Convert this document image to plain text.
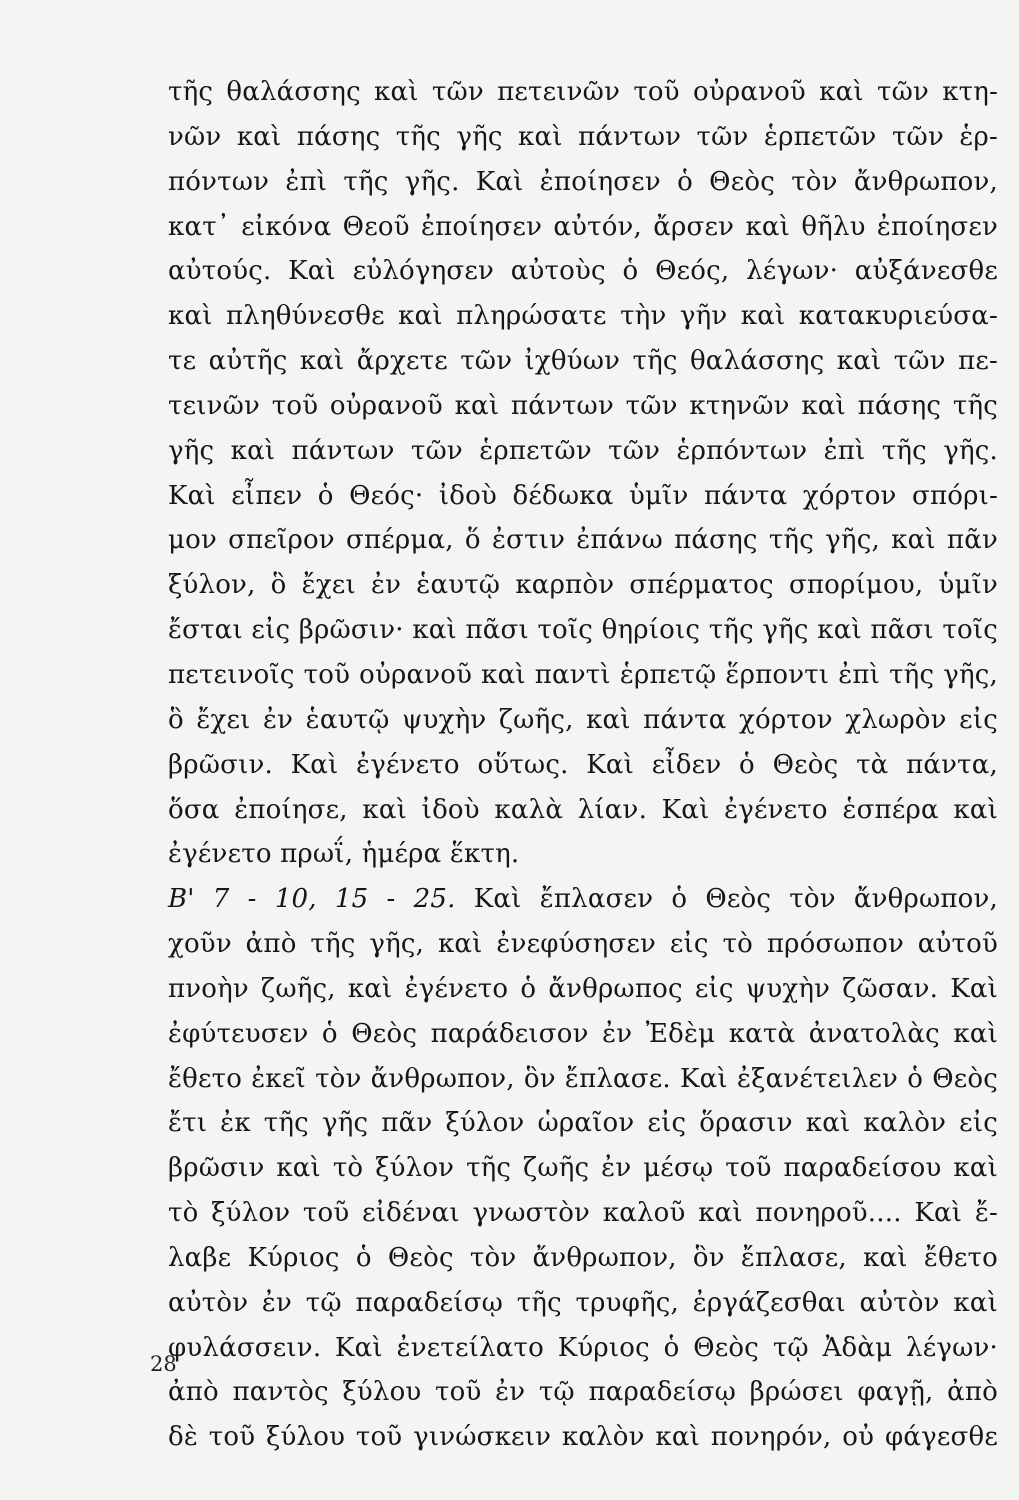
τῆς θαλάσσης καὶ τῶν πετεινῶν τοῦ οὐρανοῦ καὶ τῶν κτη-
νῶν καὶ πάσης τῆς γῆς καὶ πάντων τῶν ἑρπετῶν τῶν ἑρ-
πόντων ἐπὶ τῆς γῆς. Καὶ ἐποίησεν ὁ Θεὸς τὸν ἄνθρωπον,
κατ᾽ εἰκόνα Θεοῦ ἐποίησεν αὐτόν, ἄρσεν καὶ θῆλυ ἐποίησεν
αὐτούς. Καὶ εὐλόγησεν αὐτοὺς ὁ Θεός, λέγων· αὐξάνεσθε
καὶ πληθύνεσθε καὶ πληρώσατε τὴν γῆν καὶ κατακυριεύσα-
τε αὐτῆς καὶ ἄρχετε τῶν ἰχθύων τῆς θαλάσσης καὶ τῶν πε-
τεινῶν τοῦ οὐρανοῦ καὶ πάντων τῶν κτηνῶν καὶ πάσης τῆς
γῆς καὶ πάντων τῶν ἑρπετῶν τῶν ἑρπόντων ἐπὶ τῆς γῆς.
Καὶ εἶπεν ὁ Θεός· ἰδοὺ δέδωκα ὑμῖν πάντα χόρτον σπόρι-
μον σπεῖρον σπέρμα, ὅ ἐστιν ἐπάνω πάσης τῆς γῆς, καὶ πᾶν
ξύλον, ὃ ἔχει ἐν ἑαυτῷ καρπὸν σπέρματος σπορίμου, ὑμῖν
ἔσται εἰς βρῶσιν· καὶ πᾶσι τοῖς θηρίοις τῆς γῆς καὶ πᾶσι τοῖς
πετεινοῖς τοῦ οὐρανοῦ καὶ παντὶ ἑρπετῷ ἕρποντι ἐπὶ τῆς γῆς,
ὃ ἔχει ἐν ἑαυτῷ ψυχὴν ζωῆς, καὶ πάντα χόρτον χλωρὸν εἰς
βρῶσιν. Καὶ ἐγένετο οὕτως. Καὶ εἶδεν ὁ Θεὸς τὰ πάντα,
ὅσα ἐποίησε, καὶ ἰδοὺ καλὰ λίαν. Καὶ ἐγένετο ἑσπέρα καὶ
ἐγένετο πρωΐ, ἡμέρα ἕκτη.
Β' 7 - 10, 15 - 25. Καὶ ἔπλασεν ὁ Θεὸς τὸν ἄνθρωπον,
χοῦν ἀπὸ τῆς γῆς, καὶ ἐνεφύσησεν εἰς τὸ πρόσωπον αὐτοῦ
πνοὴν ζωῆς, καὶ ἐγένετο ὁ ἄνθρωπος εἰς ψυχὴν ζῶσαν. Καὶ
ἐφύτευσεν ὁ Θεὸς παράδεισον ἐν Ἐδὲμ κατὰ ἀνατολὰς καὶ
ἔθετο ἐκεῖ τὸν ἄνθρωπον, ὃν ἔπλασε. Καὶ ἐξανέτειλεν ὁ Θεὸς
ἔτι ἐκ τῆς γῆς πᾶν ξύλον ὡραῖον εἰς ὅρασιν καὶ καλὸν εἰς
βρῶσιν καὶ τὸ ξύλον τῆς ζωῆς ἐν μέσῳ τοῦ παραδείσου καὶ
τὸ ξύλον τοῦ εἰδέναι γνωστὸν καλοῦ καὶ πονηροῦ.... Καὶ ἔ-
λαβε Κύριος ὁ Θεὸς τὸν ἄνθρωπον, ὃν ἔπλασε, καὶ ἔθετο
αὐτὸν ἐν τῷ παραδείσῳ τῆς τρυφῆς, ἐργάζεσθαι αὐτὸν καὶ
φυλάσσειν. Καὶ ἐνετείλατο Κύριος ὁ Θεὸς τῷ Ἀδὰμ λέγων·
ἀπὸ παντὸς ξύλου τοῦ ἐν τῷ παραδείσῳ βρώσει φαγῇ, ἀπὸ
δὲ τοῦ ξύλου τοῦ γινώσκειν καλὸν καὶ πονηρόν, οὐ φάγεσθε
28
